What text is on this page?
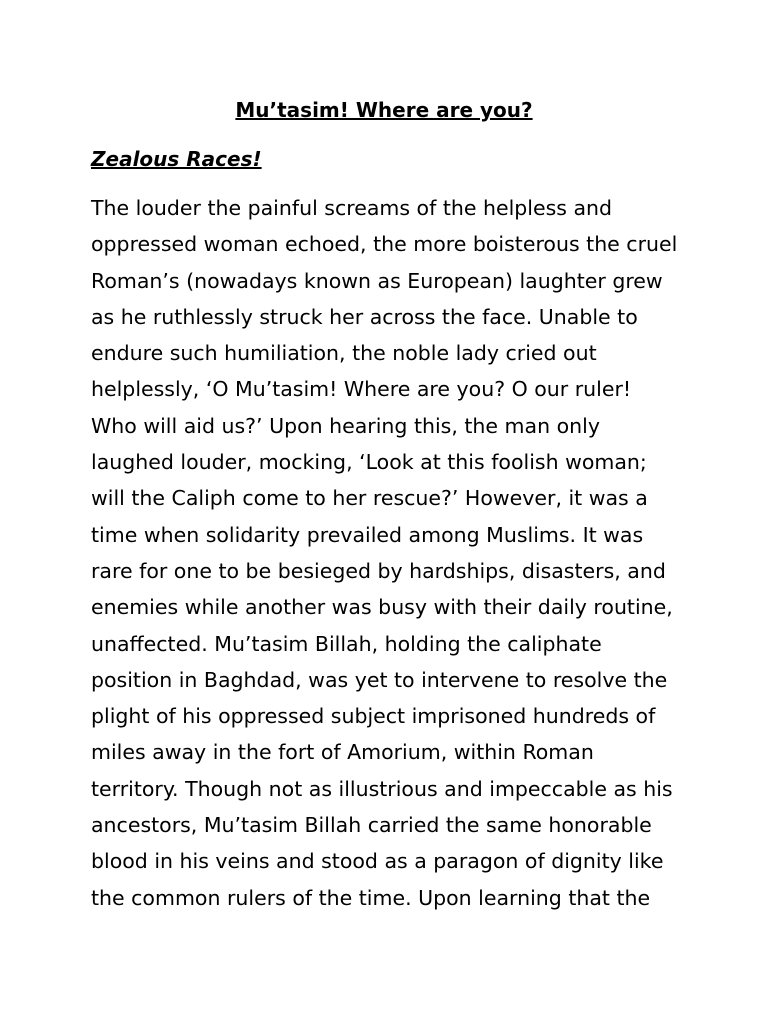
Mu’tasim! Where are you?
Zealous Races!
The louder the painful screams of the helpless and
oppressed woman echoed, the more boisterous the cruel
Roman’s (nowadays known as European) laughter grew
as he ruthlessly struck her across the face. Unable to
endure such humiliation, the noble lady cried out
helplessly, ‘O Mu’tasim! Where are you? O our ruler!
Who will aid us?’ Upon hearing this, the man only
laughed louder, mocking, ‘Look at this foolish woman;
will the Caliph come to her rescue?’ However, it was a
time when solidarity prevailed among Muslims. It was
rare for one to be besieged by hardships, disasters, and
enemies while another was busy with their daily routine,
unaffected. Mu’tasim Billah, holding the caliphate
position in Baghdad, was yet to intervene to resolve the
plight of his oppressed subject imprisoned hundreds of
miles away in the fort of Amorium, within Roman
territory. Though not as illustrious and impeccable as his
ancestors, Mu’tasim Billah carried the same honorable
blood in his veins and stood as a paragon of dignity like
the common rulers of the time. Upon learning that the
